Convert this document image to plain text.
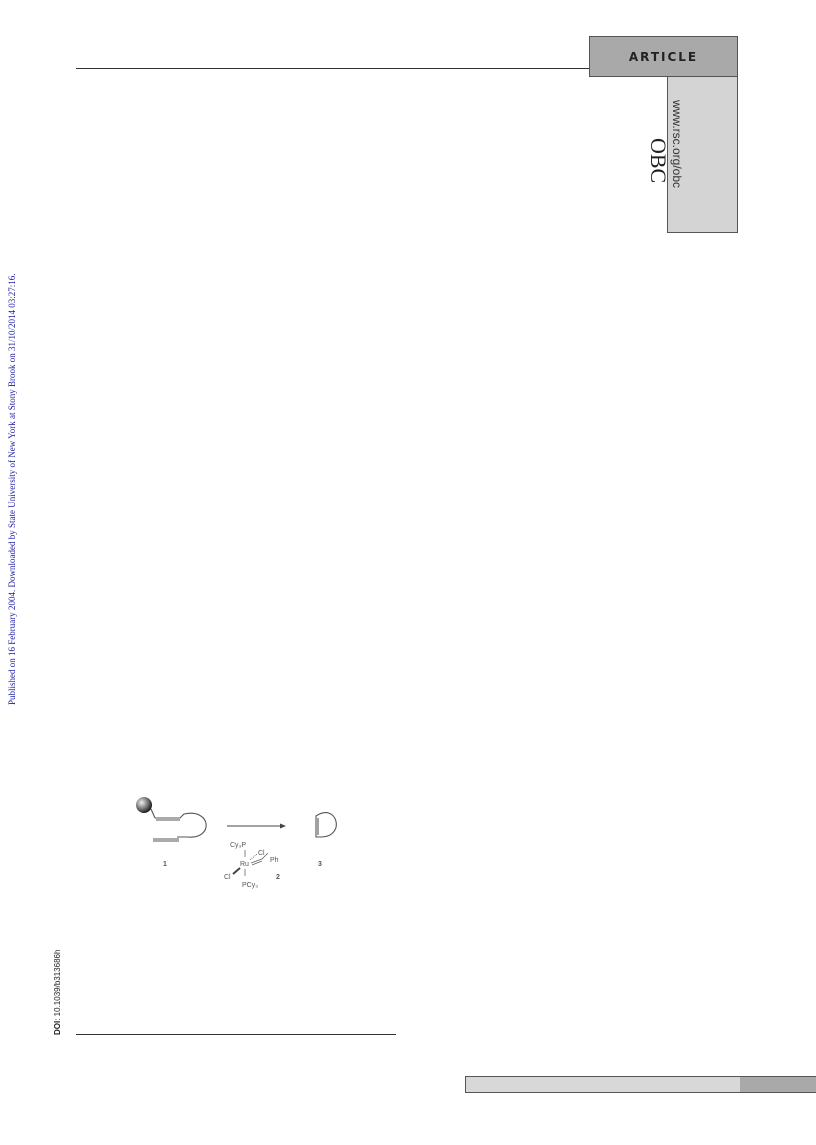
ARTICLE
OBC www.rsc.org/obc
Published on 16 February 2004. Downloaded by State University of New York at Stony Brook on 31/10/2014 03:27:16.
DOI: 10.1039/b313686h
1	3
2
Cy₃P
Ru
Cl
Ph
Cl
PCy₃
